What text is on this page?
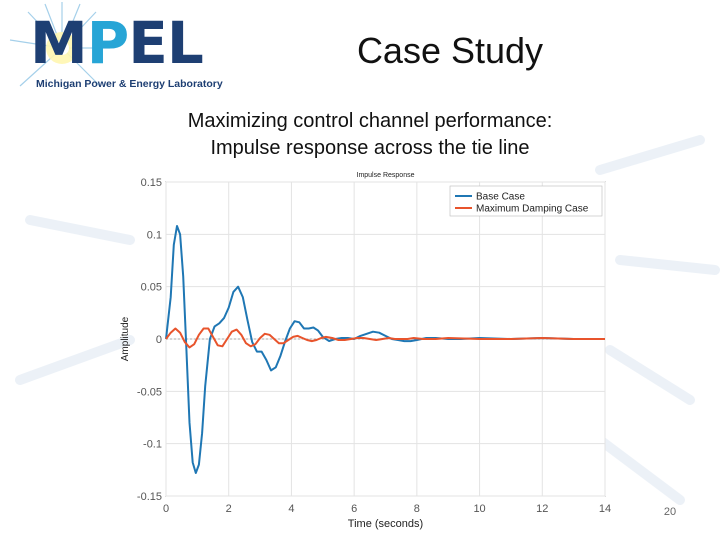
MPEL
Michigan Power & Energy Laboratory
Case Study
Maximizing control channel performance:
Impulse response across the tie line
0	2	4	6	8	10	12	14
-0.15
-0.1
-0.05
0
0.05
0.1
0.15
Impulse Response
Time (seconds)
Amplitude
Base Case
Maximum Damping Case
20
